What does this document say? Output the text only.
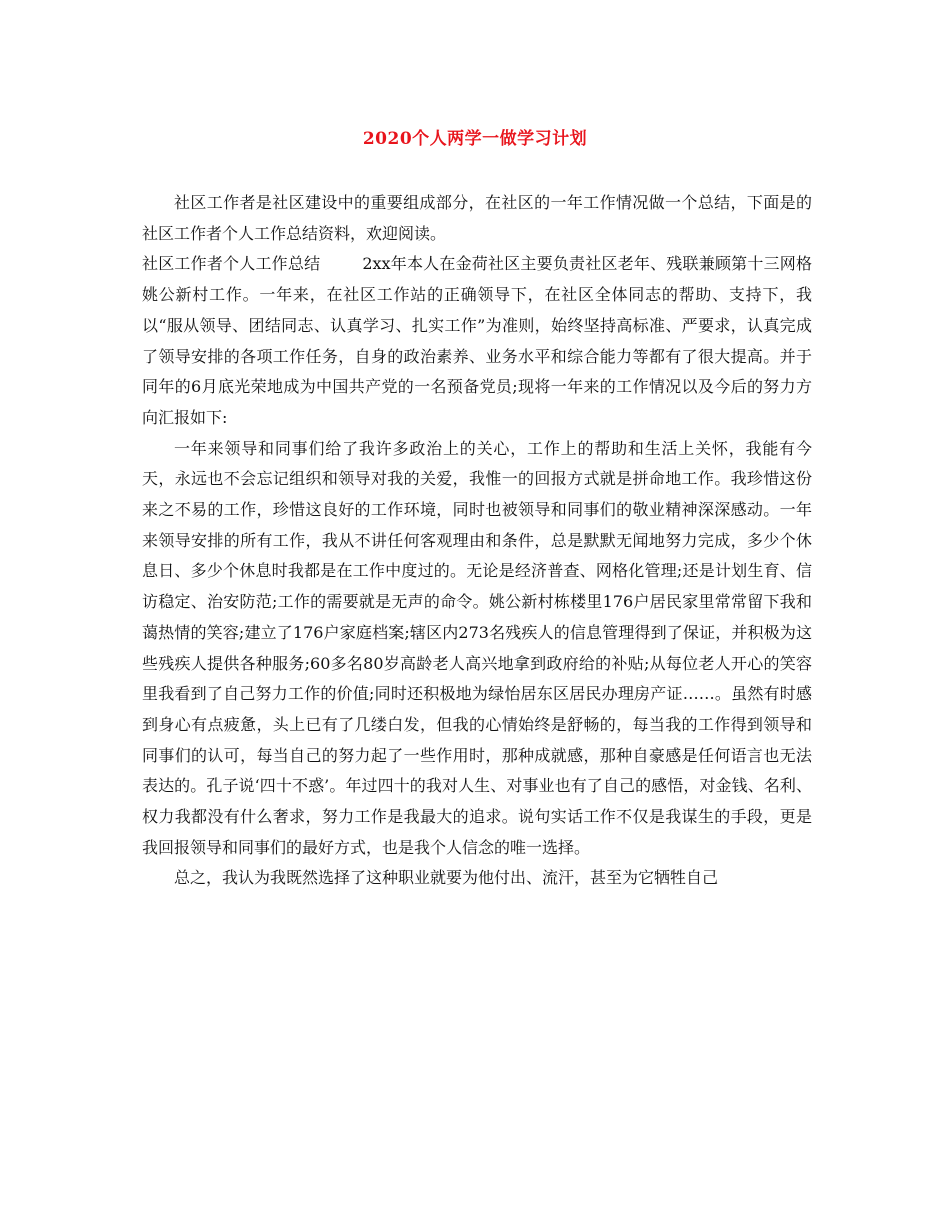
2020个人两学一做学习计划

社区工作者是社区建设中的重要组成部分，在社区的一年工作情况做一个总结，下面是的社区工作者个人工作总结资料，欢迎阅读。

社区工作者个人工作总结	2xx年本人在金荷社区主要负责社区老年、残联兼顾第十三网格姚公新村工作。一年来，在社区工作站的正确领导下，在社区全体同志的帮助、支持下，我以“服从领导、团结同志、认真学习、扎实工作”为准则，始终坚持高标准、严要求，认真完成了领导安排的各项工作任务，自身的政治素养、业务水平和综合能力等都有了很大提高。并于同年的6月底光荣地成为中国共产党的一名预备党员;现将一年来的工作情况以及今后的努力方向汇报如下:

一年来领导和同事们给了我许多政治上的关心，工作上的帮助和生活上关怀，我能有今天，永远也不会忘记组织和领导对我的关爱，我惟一的回报方式就是拼命地工作。我珍惜这份来之不易的工作，珍惜这良好的工作环境，同时也被领导和同事们的敬业精神深深感动。一年来领导安排的所有工作，我从不讲任何客观理由和条件，总是默默无闻地努力完成，多少个休息日、多少个休息时我都是在工作中度过的。无论是经济普查、网格化管理;还是计划生育、信访稳定、治安防范;工作的需要就是无声的命令。姚公新村栋楼里176户居民家里常常留下我和蔼热情的笑容;建立了176户家庭档案;辖区内273名残疾人的信息管理得到了保证，并积极为这些残疾人提供各种服务;60多名80岁高龄老人高兴地拿到政府给的补贴;从每位老人开心的笑容里我看到了自己努力工作的价值;同时还积极地为绿怡居东区居民办理房产证……。虽然有时感到身心有点疲惫，头上已有了几缕白发，但我的心情始终是舒畅的，每当我的工作得到领导和同事们的认可，每当自己的努力起了一些作用时，那种成就感，那种自豪感是任何语言也无法表达的。孔子说‘四十不惑’。年过四十的我对人生、对事业也有了自己的感悟，对金钱、名利、权力我都没有什么奢求，努力工作是我最大的追求。说句实话工作不仅是我谋生的手段，更是我回报领导和同事们的最好方式，也是我个人信念的唯一选择。

总之，我认为我既然选择了这种职业就要为他付出、流汗，甚至为它牺牲自己
